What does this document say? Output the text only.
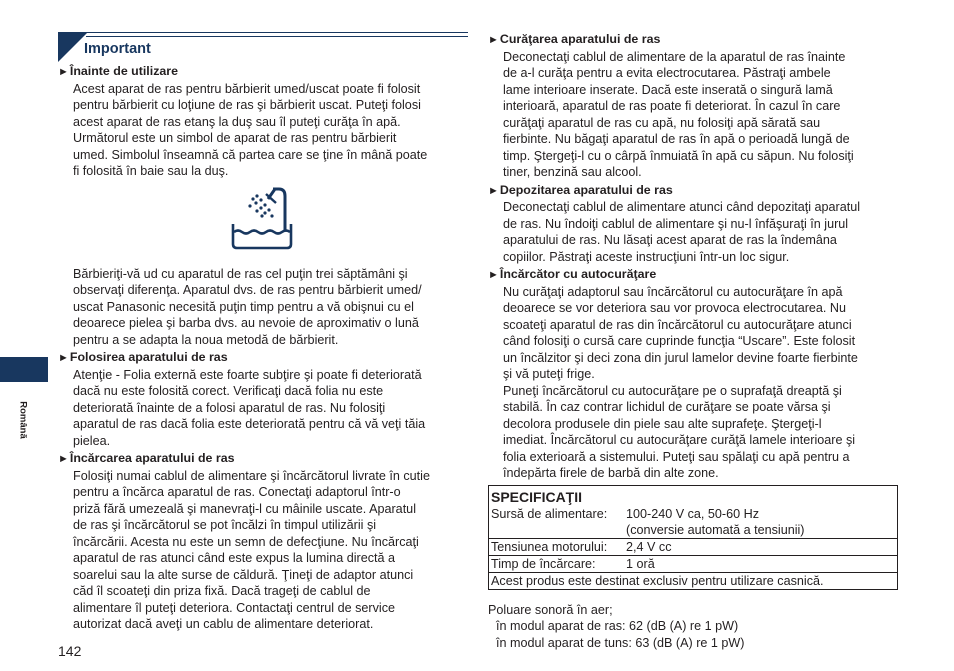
Română
Important
►Înainte de utilizare
Acest aparat de ras pentru bărbierit umed/uscat poate fi folosit
pentru bărbierit cu loţiune de ras şi bărbierit uscat. Puteţi folosi
acest aparat de ras etanş la duş sau îl puteţi curăţa în apă.
Următorul este un simbol de aparat de ras pentru bărbierit
umed. Simbolul înseamnă că partea care se ţine în mână poate
fi folosită în baie sau la duş.
Bărbieriţi-vă ud cu aparatul de ras cel puţin trei săptămâni şi
observaţi diferenţa. Aparatul dvs. de ras pentru bărbierit umed/
uscat Panasonic necesită puţin timp pentru a vă obişnui cu el
deoarece pielea şi barba dvs. au nevoie de aproximativ o lună
pentru a se adapta la noua metodă de bărbierit.
►Folosirea aparatului de ras
Atenţie - Folia externă este foarte subţire şi poate fi deteriorată
dacă nu este folosită corect. Verificaţi dacă folia nu este
deteriorată înainte de a folosi aparatul de ras. Nu folosiţi
aparatul de ras dacă folia este deteriorată pentru că vă veţi tăia
pielea.
►Încărcarea aparatului de ras
Folosiţi numai cablul de alimentare şi încărcătorul livrate în cutie
pentru a încărca aparatul de ras. Conectaţi adaptorul într-o
priză fără umezeală şi manevraţi-l cu mâinile uscate. Aparatul
de ras şi încărcătorul se pot încălzi în timpul utilizării şi
încărcării. Acesta nu este un semn de defecţiune. Nu încărcaţi
aparatul de ras atunci când este expus la lumina directă a
soarelui sau la alte surse de căldură. Ţineţi de adaptor atunci
căd îl scoateţi din priza fixă. Dacă trageţi de cablul de
alimentare îl puteţi deteriora. Contactaţi centrul de service
autorizat dacă aveţi un cablu de alimentare deteriorat.
►Curăţarea aparatului de ras
Deconectaţi cablul de alimentare de la aparatul de ras înainte
de a-l curăţa pentru a evita electrocutarea. Păstraţi ambele
lame interioare inserate. Dacă este inserată o singură lamă
interioară, aparatul de ras poate fi deteriorat. În cazul în care
curăţaţi aparatul de ras cu apă, nu folosiţi apă sărată sau
fierbinte. Nu băgaţi aparatul de ras în apă o perioadă lungă de
timp. Ştergeţi-l cu o cârpă înmuiată în apă cu săpun. Nu folosiţi
tiner, benzină sau alcool.
►Depozitarea aparatului de ras
Deconectaţi cablul de alimentare atunci când depozitaţi aparatul
de ras. Nu îndoiţi cablul de alimentare şi nu-l înfăşuraţi în jurul
aparatului de ras. Nu lăsaţi acest aparat de ras la îndemâna
copiilor. Păstraţi aceste instrucţiuni într-un loc sigur.
►Încărcător cu autocurăţare
Nu curăţaţi adaptorul sau încărcătorul cu autocurăţare în apă
deoarece se vor deteriora sau vor provoca electrocutarea. Nu
scoateţi aparatul de ras din încărcătorul cu autocurăţare atunci
când folosiţi o cursă care cuprinde funcţia “Uscare”. Este folosit
un încălzitor şi deci zona din jurul lamelor devine foarte fierbinte
şi vă puteţi frige.
Puneţi încărcătorul cu autocurăţare pe o suprafaţă dreaptă şi
stabilă. În caz contrar lichidul de curăţare se poate vărsa şi
decolora produsele din piele sau alte suprafeţe. Ştergeţi-l
imediat. Încărcătorul cu autocurăţare curăţă lamele interioare şi
folia exterioară a sistemului. Puteţi sau spălaţi cu apă pentru a
îndepărta firele de barbă din alte zone.
SPECIFICAŢII
Sursă de alimentare:	100-240 V ca, 50-60 Hz
	(conversie automată a tensiunii)
Tensiunea motorului:	2,4 V cc
Timp de încărcare:	1 oră
Acest produs este destinat exclusiv pentru utilizare casnică.	
Poluare sonoră în aer;
în modul aparat de ras: 62 (dB (A) re 1 pW)
în modul aparat de tuns: 63 (dB (A) re 1 pW)
142
